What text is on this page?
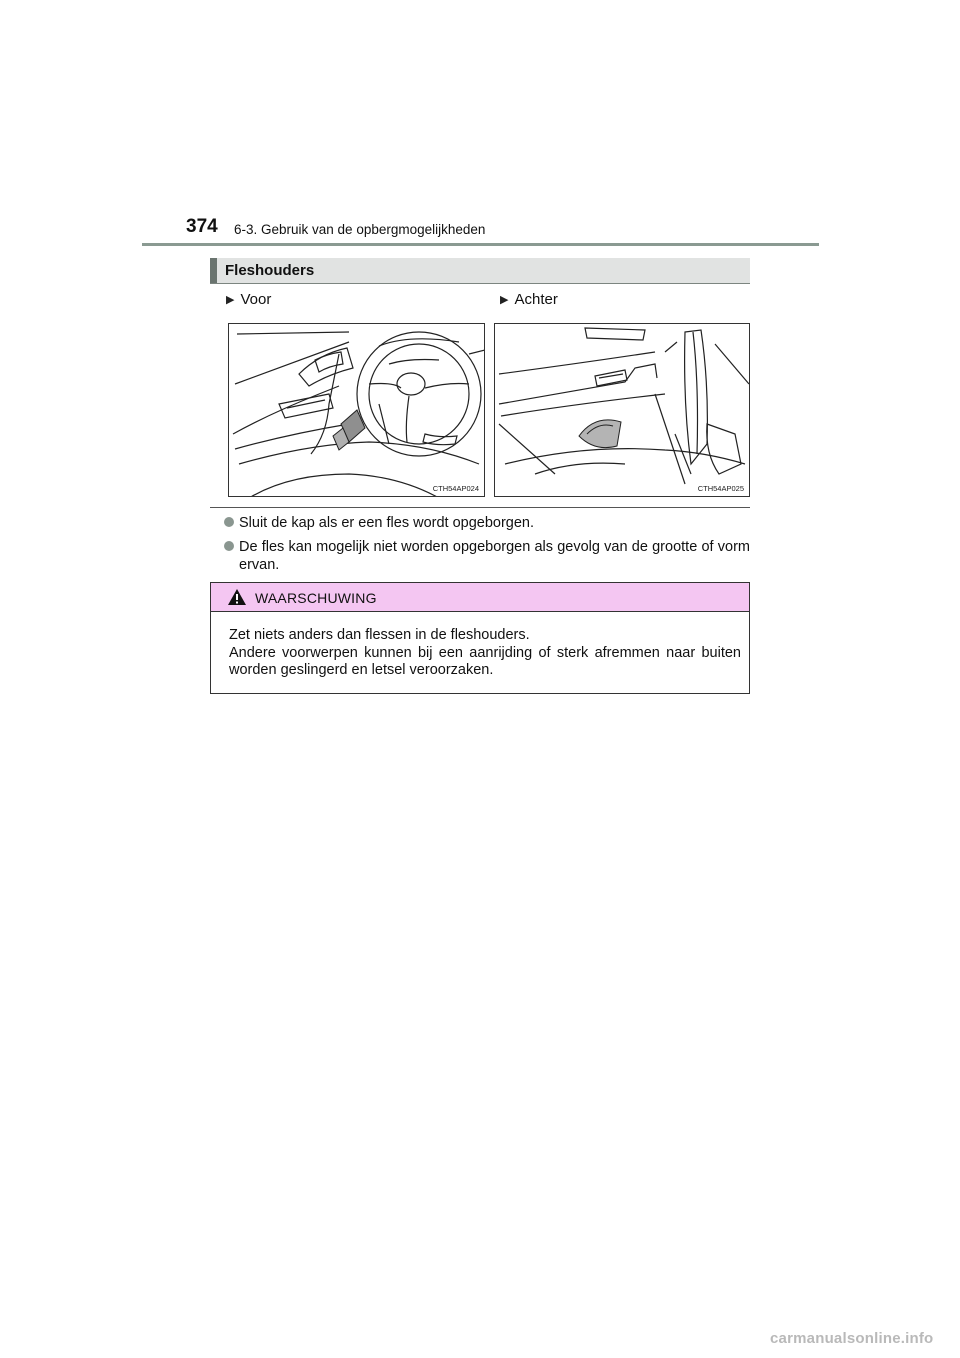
374 6-3. Gebruik van de opbergmogelijkheden
Fleshouders
▶ Voor	▶ Achter
CTH54AP024	CTH54AP025
Sluit de kap als er een fles wordt opgeborgen.
De fles kan mogelijk niet worden opgeborgen als gevolg van de grootte of vorm ervan.
WAARSCHUWING

Zet niets anders dan flessen in de fleshouders.

Andere voorwerpen kunnen bij een aanrijding of sterk afremmen naar buiten worden geslingerd en letsel veroorzaken.

carmanualsonline.info
